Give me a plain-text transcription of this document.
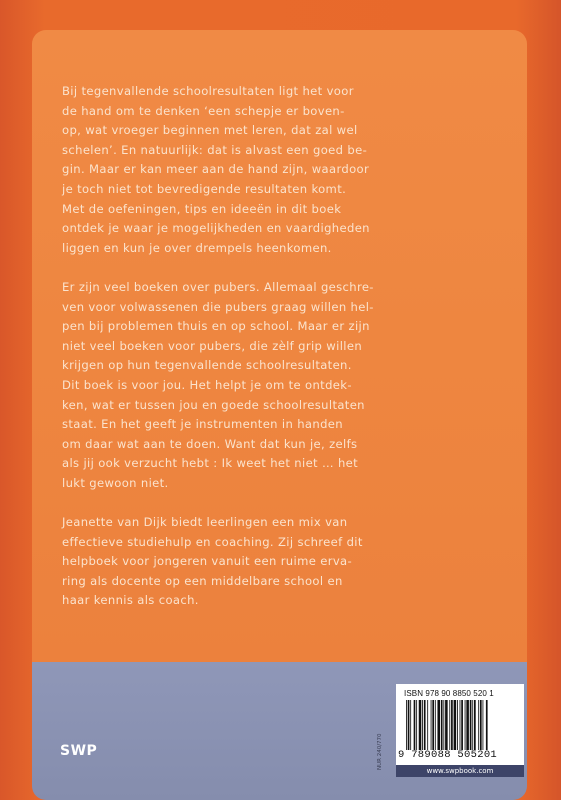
Bij tegenvallende schoolresultaten ligt het voor
de hand om te denken ‘een schepje er boven-
op, wat vroeger beginnen met leren, dat zal wel
schelen’. En natuurlijk: dat is alvast een goed be-
gin. Maar er kan meer aan de hand zijn, waardoor
je toch niet tot bevredigende resultaten komt.
Met de oefeningen, tips en ideeën in dit boek
ontdek je waar je mogelijkheden en vaardigheden
liggen en kun je over drempels heenkomen.

Er zijn veel boeken over pubers. Allemaal geschre-
ven voor volwassenen die pubers graag willen hel-
pen bij problemen thuis en op school. Maar er zijn
niet veel boeken voor pubers, die zèlf grip willen
krijgen op hun tegenvallende schoolresultaten.
Dit boek is voor jou. Het helpt je om te ontdek-
ken, wat er tussen jou en goede schoolresultaten
staat. En het geeft je instrumenten in handen
om daar wat aan te doen. Want dat kun je, zelfs
als jij ook verzucht hebt : Ik weet het niet … het
lukt gewoon niet.

Jeanette van Dijk biedt leerlingen een mix van
effectieve studiehulp en coaching. Zij schreef dit
helpboek voor jongeren vanuit een ruime erva-
ring als docente op een middelbare school en
haar kennis als coach.

SWP	NUR 240/770
ISBN 978 90 8850 520 1
9 789088 505201
www.swpbook.com
